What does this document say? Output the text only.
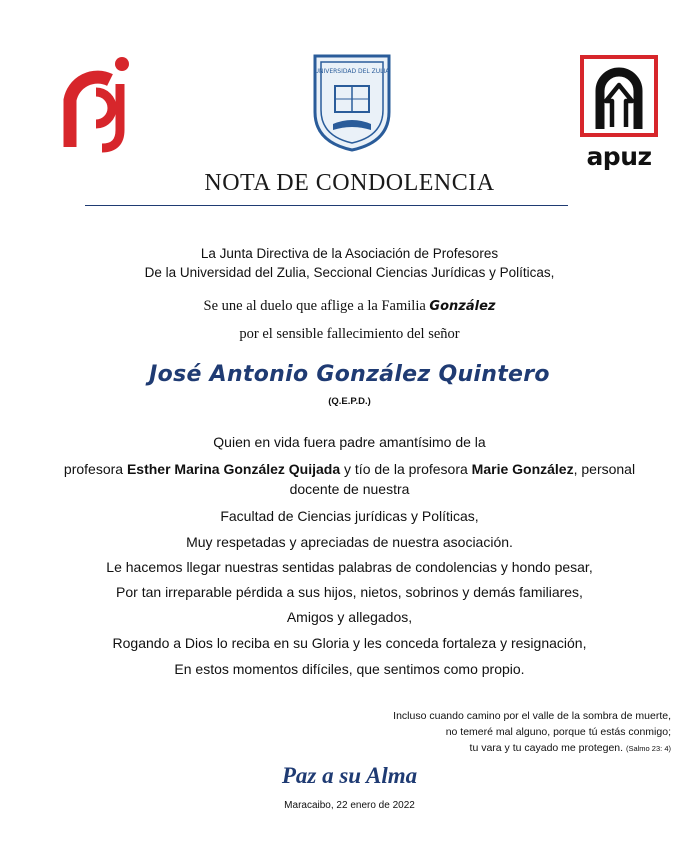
UNIVERSIDAD DEL ZULIA
apuz
NOTA DE CONDOLENCIA
La Junta Directiva de la Asociación de Profesores
De la Universidad del Zulia, Seccional Ciencias Jurídicas y Políticas,
Se une al duelo que aflige a la Familia González
por el sensible fallecimiento del señor
José Antonio González Quintero
(Q.E.P.D.)
Quien en vida fuera padre amantísimo de la
profesora Esther Marina González Quijada y tío de la profesora Marie González, personal
docente de nuestra
Facultad de Ciencias jurídicas y Políticas,
Muy respetadas y apreciadas de nuestra asociación.
Le hacemos llegar nuestras sentidas palabras de condolencias y hondo pesar,
Por tan irreparable pérdida a sus hijos, nietos, sobrinos y demás familiares,
Amigos y allegados,
Rogando a Dios lo reciba en su Gloria y les conceda fortaleza y resignación,
En estos momentos difíciles, que sentimos como propio.
Incluso cuando camino por el valle de la sombra de muerte,
no temeré mal alguno, porque tú estás conmigo;
tu vara y tu cayado me protegen. (Salmo 23: 4)
Paz a su Alma
Maracaibo, 22 enero de 2022
